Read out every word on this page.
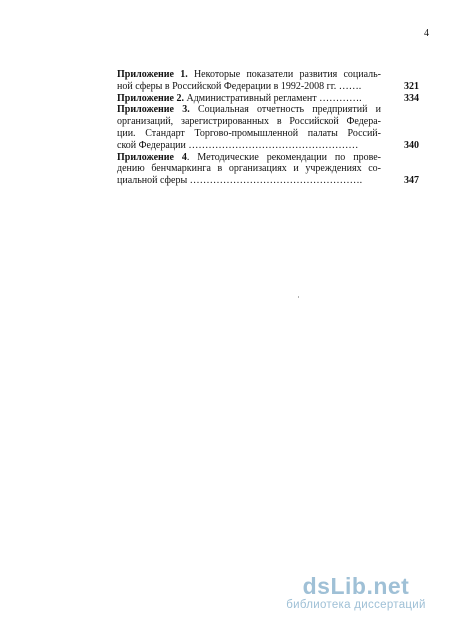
4
Приложение 1. Некоторые показатели развития социаль-
ной сферы в Российской Федерации в 1992-2008 гг. …….	321
Приложение 2. Административный регламент ………….	334
Приложение 3. Социальная отчетность предприятий и
организаций, зарегистрированных в Российской Федера-
ции. Стандарт Торгово-промышленной палаты Россий-
ской Федерации ……………………………………………	340
Приложение 4. Методические рекомендации по прове-
дению бенчмаркинга в организациях и учреждениях со-
циальной сферы …………………………………………….	347
dsLib.net
библиотека диссертаций
